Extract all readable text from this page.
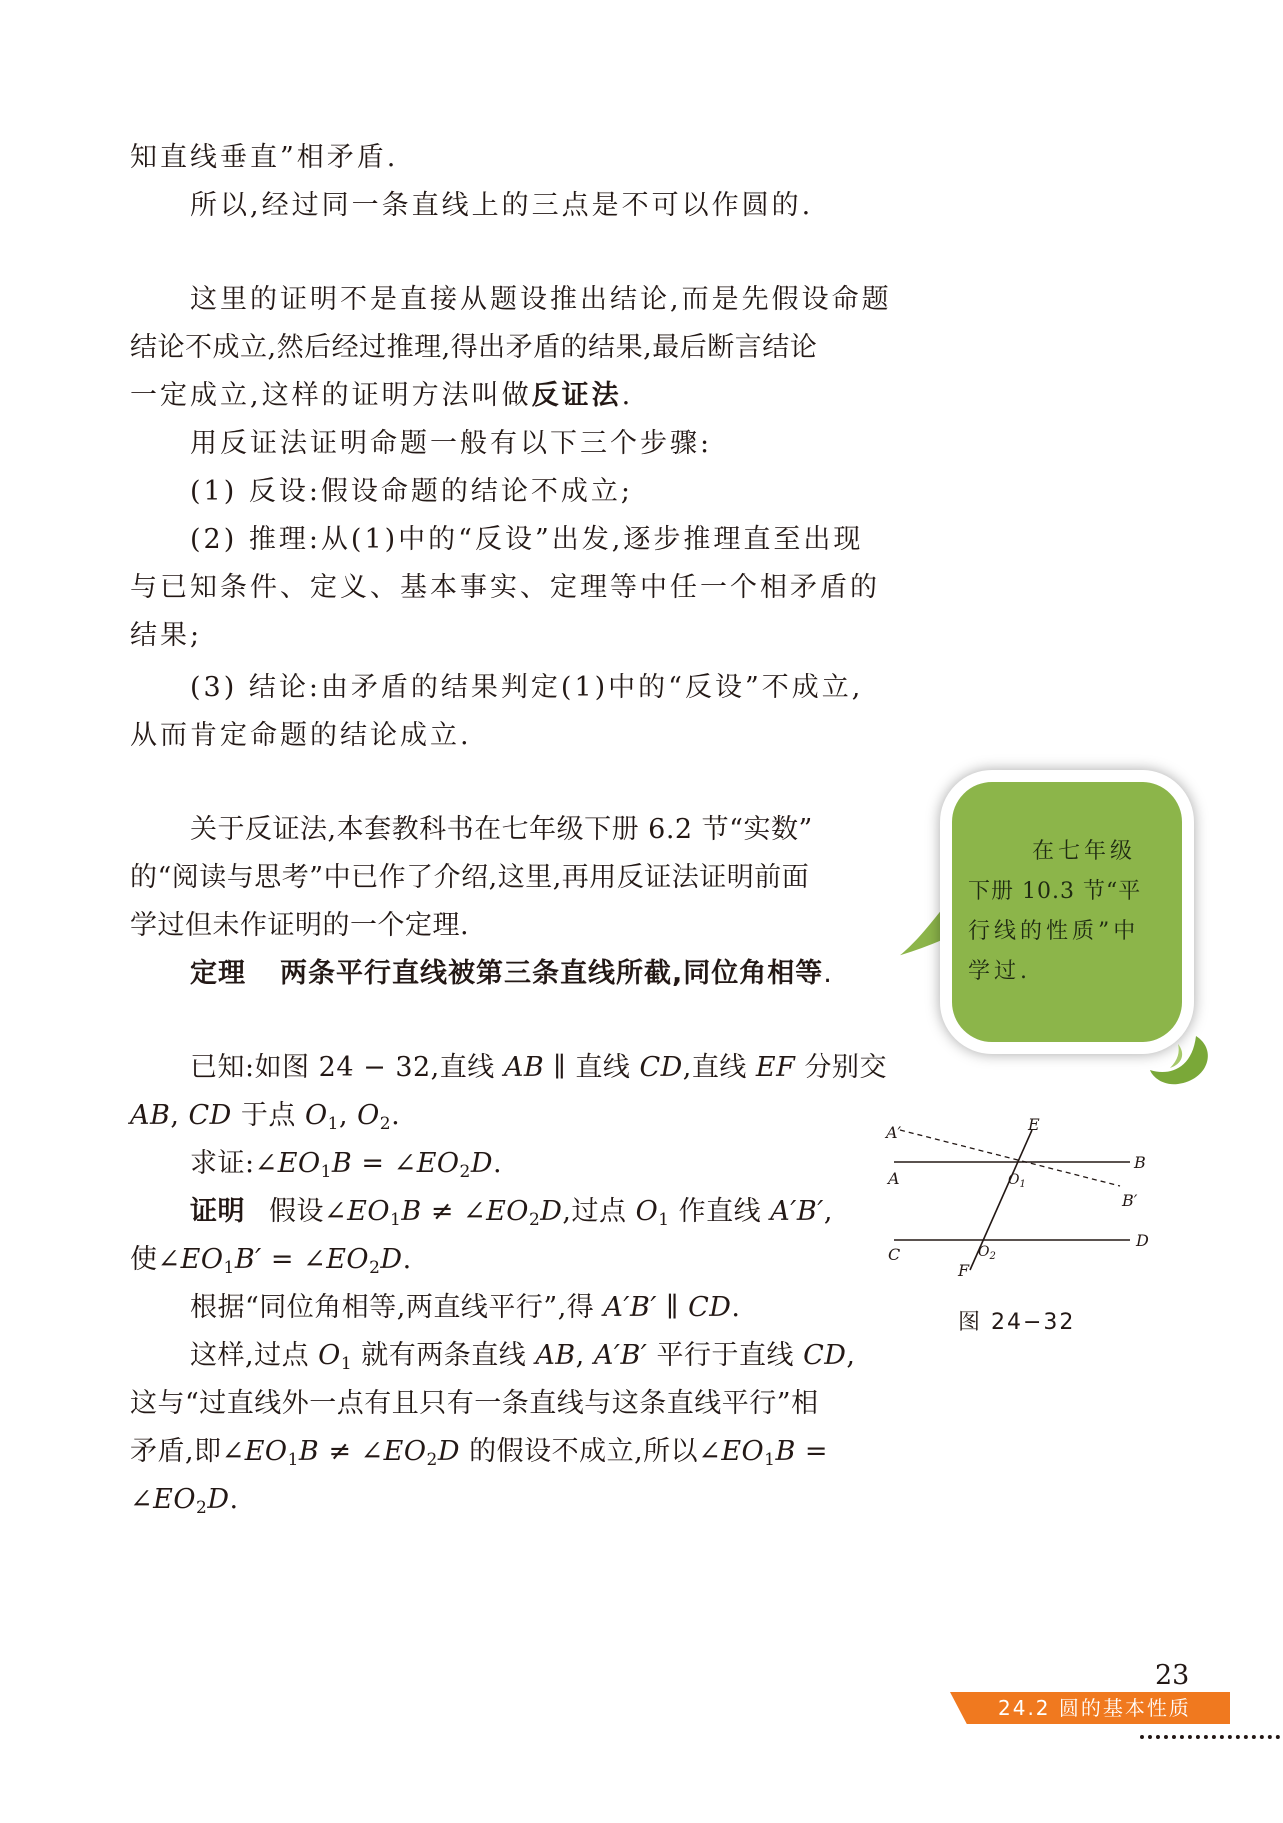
知直线垂直”相矛盾.
所以,经过同一条直线上的三点是不可以作圆的.
这里的证明不是直接从题设推出结论,而是先假设命题
结论不成立,然后经过推理,得出矛盾的结果,最后断言结论
一定成立,这样的证明方法叫做反证法.
用反证法证明命题一般有以下三个步骤:
(1) 反设:假设命题的结论不成立;
(2) 推理:从(1)中的“反设”出发,逐步推理直至出现
与已知条件、定义、基本事实、定理等中任一个相矛盾的
结果;
(3) 结论:由矛盾的结果判定(1)中的“反设”不成立,
从而肯定命题的结论成立.
关于反证法,本套教科书在七年级下册 6.2 节“实数”
的“阅读与思考”中已作了介绍,这里,再用反证法证明前面
学过但未作证明的一个定理.
定理 两条平行直线被第三条直线所截,同位角相等.
已知:如图 24 − 32,直线 AB ∥ 直线 CD,直线 EF 分别交
AB, CD 于点 $O_1$, $O_2$.
求证$:\angle EO_1B$ = $\angle EO_2D$.
证明 假设$\angle EO_1B$ ≠ $\angle EO_2D$,过点 $O_1$ 作直线 A′B′,
使$\angle EO_1B'$ = $\angle EO_2D$.
根据“同位角相等,两直线平行”,得 A′B′ ∥ CD.
这样,过点 $O_1$ 就有两条直线 AB, A′B′ 平行于直线 CD,
这与“过直线外一点有且只有一条直线与这条直线平行”相
矛盾,即$\angle EO_1B$ ≠ $\angle EO_2D$ 的假设不成立,所以$\angle EO_1B$ =
$\angle EO_2D$.
在七年级
下册 10.3 节“平
行线的性质”中
学过.
A′	E
B
A	$O_1$
B′
C	$O_2$
D
F
图 24−32
23
24.2 圆的基本性质
